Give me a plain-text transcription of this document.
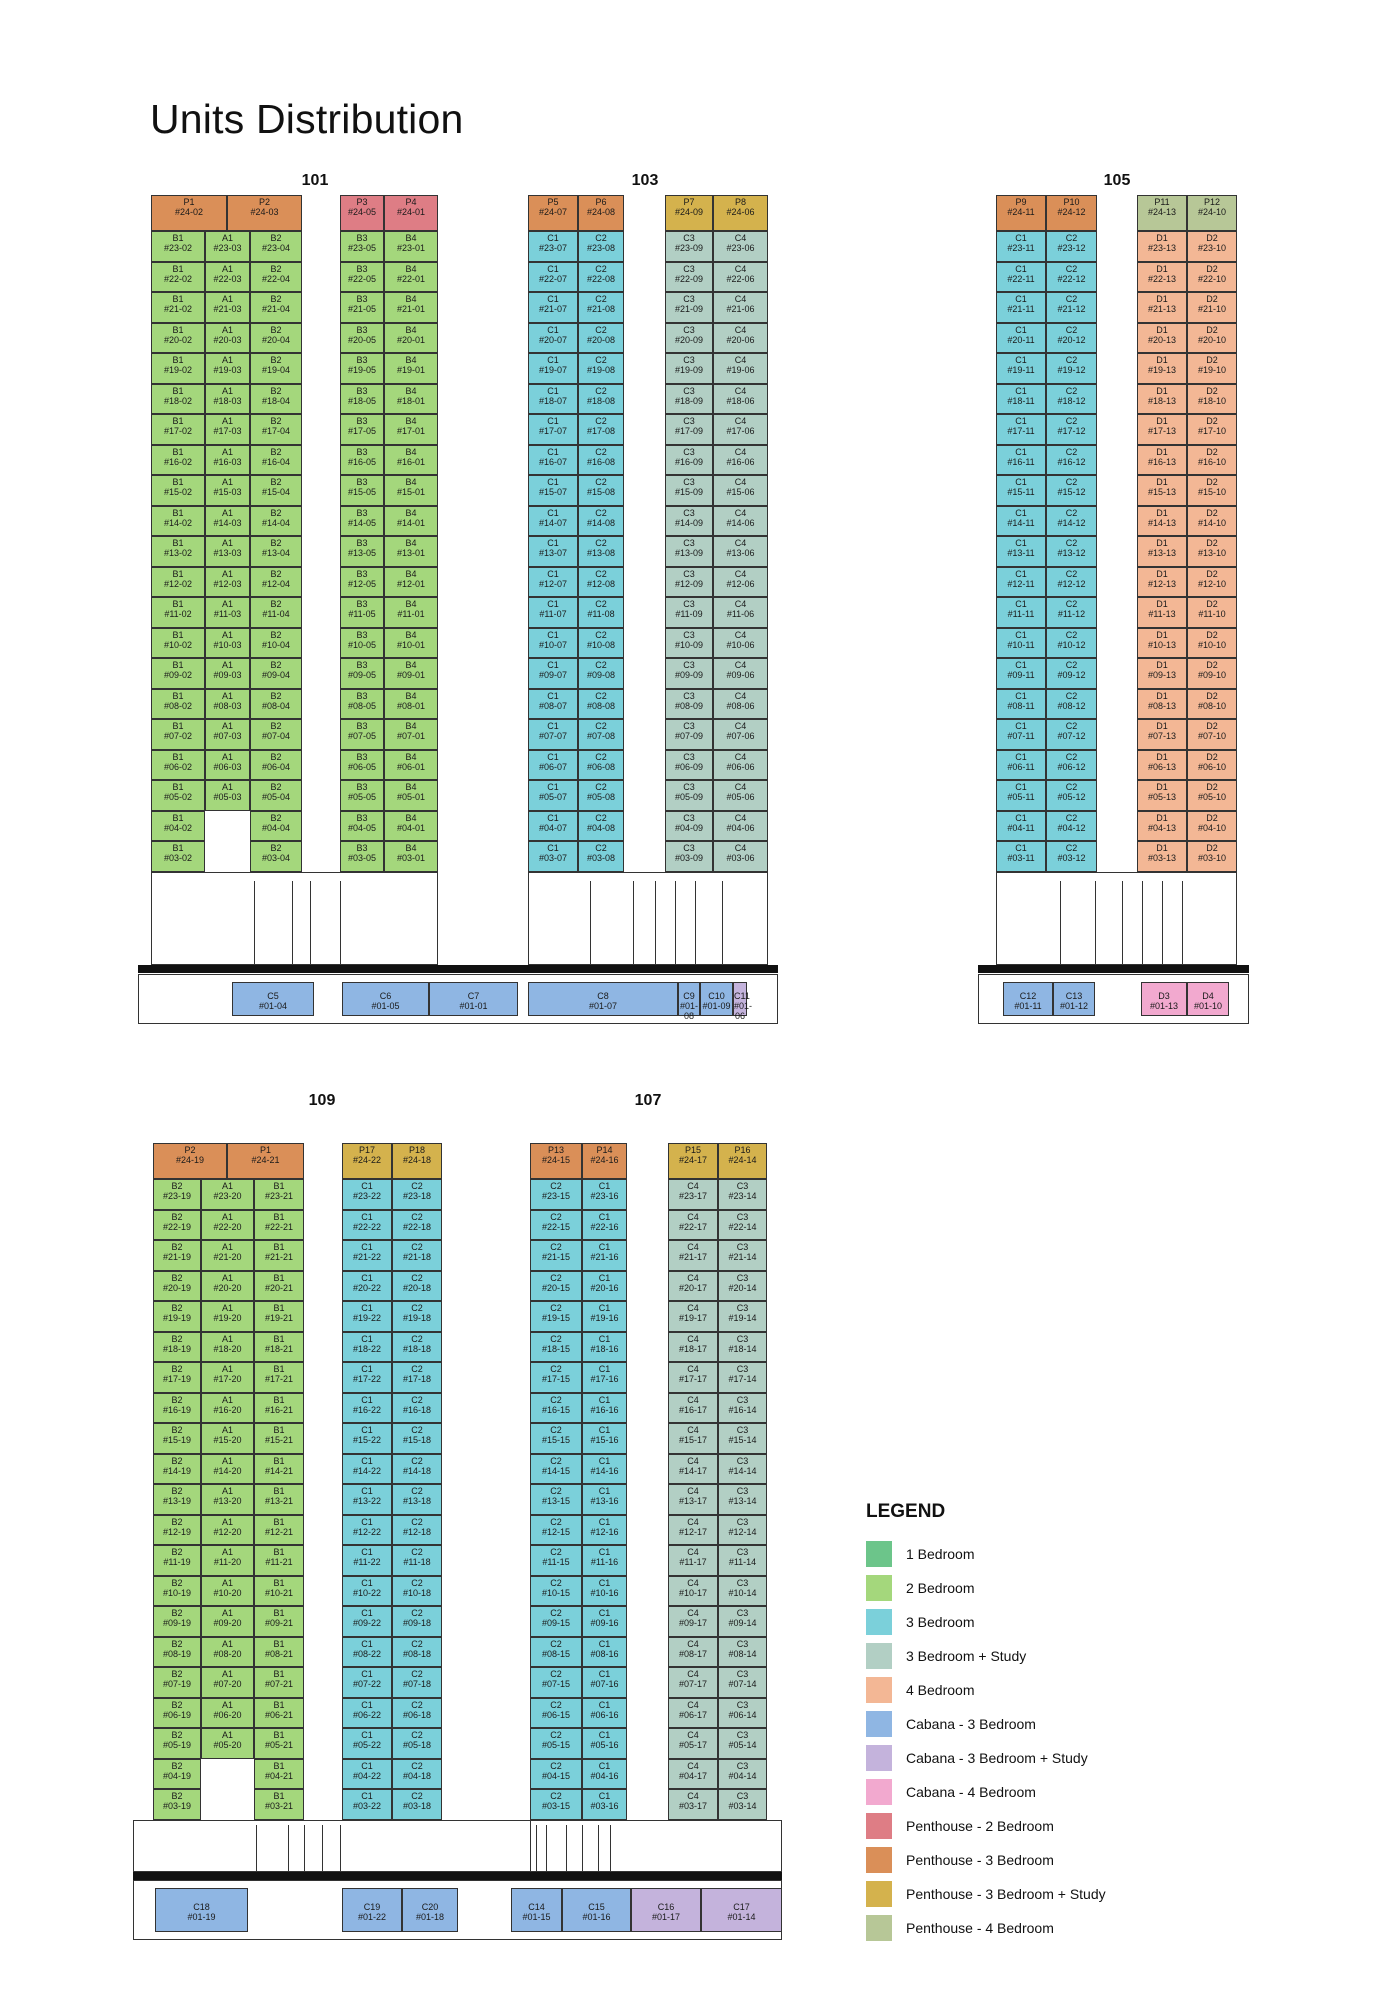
Units Distribution
101
P1
#24-02
P2
#24-03
P3
#24-05
P4
#24-01
B1
#23-02
B1
#22-02
B1
#21-02
B1
#20-02
B1
#19-02
B1
#18-02
B1
#17-02
B1
#16-02
B1
#15-02
B1
#14-02
B1
#13-02
B1
#12-02
B1
#11-02
B1
#10-02
B1
#09-02
B1
#08-02
B1
#07-02
B1
#06-02
B1
#05-02
B1
#04-02
B1
#03-02
A1
#23-03
A1
#22-03
A1
#21-03
A1
#20-03
A1
#19-03
A1
#18-03
A1
#17-03
A1
#16-03
A1
#15-03
A1
#14-03
A1
#13-03
A1
#12-03
A1
#11-03
A1
#10-03
A1
#09-03
A1
#08-03
A1
#07-03
A1
#06-03
A1
#05-03
B2
#23-04
B2
#22-04
B2
#21-04
B2
#20-04
B2
#19-04
B2
#18-04
B2
#17-04
B2
#16-04
B2
#15-04
B2
#14-04
B2
#13-04
B2
#12-04
B2
#11-04
B2
#10-04
B2
#09-04
B2
#08-04
B2
#07-04
B2
#06-04
B2
#05-04
B2
#04-04
B2
#03-04
B3
#23-05
B3
#22-05
B3
#21-05
B3
#20-05
B3
#19-05
B3
#18-05
B3
#17-05
B3
#16-05
B3
#15-05
B3
#14-05
B3
#13-05
B3
#12-05
B3
#11-05
B3
#10-05
B3
#09-05
B3
#08-05
B3
#07-05
B3
#06-05
B3
#05-05
B3
#04-05
B3
#03-05
B4
#23-01
B4
#22-01
B4
#21-01
B4
#20-01
B4
#19-01
B4
#18-01
B4
#17-01
B4
#16-01
B4
#15-01
B4
#14-01
B4
#13-01
B4
#12-01
B4
#11-01
B4
#10-01
B4
#09-01
B4
#08-01
B4
#07-01
B4
#06-01
B4
#05-01
B4
#04-01
B4
#03-01
C5
#01-04
C6
#01-05
C7
#01-01
103
P5
#24-07
P6
#24-08
P7
#24-09
P8
#24-06
C1
#23-07
C1
#22-07
C1
#21-07
C1
#20-07
C1
#19-07
C1
#18-07
C1
#17-07
C1
#16-07
C1
#15-07
C1
#14-07
C1
#13-07
C1
#12-07
C1
#11-07
C1
#10-07
C1
#09-07
C1
#08-07
C1
#07-07
C1
#06-07
C1
#05-07
C1
#04-07
C1
#03-07
C2
#23-08
C2
#22-08
C2
#21-08
C2
#20-08
C2
#19-08
C2
#18-08
C2
#17-08
C2
#16-08
C2
#15-08
C2
#14-08
C2
#13-08
C2
#12-08
C2
#11-08
C2
#10-08
C2
#09-08
C2
#08-08
C2
#07-08
C2
#06-08
C2
#05-08
C2
#04-08
C2
#03-08
C3
#23-09
C3
#22-09
C3
#21-09
C3
#20-09
C3
#19-09
C3
#18-09
C3
#17-09
C3
#16-09
C3
#15-09
C3
#14-09
C3
#13-09
C3
#12-09
C3
#11-09
C3
#10-09
C3
#09-09
C3
#08-09
C3
#07-09
C3
#06-09
C3
#05-09
C3
#04-09
C3
#03-09
C4
#23-06
C4
#22-06
C4
#21-06
C4
#20-06
C4
#19-06
C4
#18-06
C4
#17-06
C4
#16-06
C4
#15-06
C4
#14-06
C4
#13-06
C4
#12-06
C4
#11-06
C4
#10-06
C4
#09-06
C4
#08-06
C4
#07-06
C4
#06-06
C4
#05-06
C4
#04-06
C4
#03-06
C8
#01-07
C9
#01-08
C10
#01-09
C11
#01-06
105
P9
#24-11
P10
#24-12
P11
#24-13
P12
#24-10
C1
#23-11
C1
#22-11
C1
#21-11
C1
#20-11
C1
#19-11
C1
#18-11
C1
#17-11
C1
#16-11
C1
#15-11
C1
#14-11
C1
#13-11
C1
#12-11
C1
#11-11
C1
#10-11
C1
#09-11
C1
#08-11
C1
#07-11
C1
#06-11
C1
#05-11
C1
#04-11
C1
#03-11
C2
#23-12
C2
#22-12
C2
#21-12
C2
#20-12
C2
#19-12
C2
#18-12
C2
#17-12
C2
#16-12
C2
#15-12
C2
#14-12
C2
#13-12
C2
#12-12
C2
#11-12
C2
#10-12
C2
#09-12
C2
#08-12
C2
#07-12
C2
#06-12
C2
#05-12
C2
#04-12
C2
#03-12
D1
#23-13
D1
#22-13
D1
#21-13
D1
#20-13
D1
#19-13
D1
#18-13
D1
#17-13
D1
#16-13
D1
#15-13
D1
#14-13
D1
#13-13
D1
#12-13
D1
#11-13
D1
#10-13
D1
#09-13
D1
#08-13
D1
#07-13
D1
#06-13
D1
#05-13
D1
#04-13
D1
#03-13
D2
#23-10
D2
#22-10
D2
#21-10
D2
#20-10
D2
#19-10
D2
#18-10
D2
#17-10
D2
#16-10
D2
#15-10
D2
#14-10
D2
#13-10
D2
#12-10
D2
#11-10
D2
#10-10
D2
#09-10
D2
#08-10
D2
#07-10
D2
#06-10
D2
#05-10
D2
#04-10
D2
#03-10
C12
#01-11
C13
#01-12
D3
#01-13
D4
#01-10
109
P2
#24-19
P1
#24-21
P17
#24-22
P18
#24-18
B2
#23-19
B2
#22-19
B2
#21-19
B2
#20-19
B2
#19-19
B2
#18-19
B2
#17-19
B2
#16-19
B2
#15-19
B2
#14-19
B2
#13-19
B2
#12-19
B2
#11-19
B2
#10-19
B2
#09-19
B2
#08-19
B2
#07-19
B2
#06-19
B2
#05-19
B2
#04-19
B2
#03-19
A1
#23-20
A1
#22-20
A1
#21-20
A1
#20-20
A1
#19-20
A1
#18-20
A1
#17-20
A1
#16-20
A1
#15-20
A1
#14-20
A1
#13-20
A1
#12-20
A1
#11-20
A1
#10-20
A1
#09-20
A1
#08-20
A1
#07-20
A1
#06-20
A1
#05-20
B1
#23-21
B1
#22-21
B1
#21-21
B1
#20-21
B1
#19-21
B1
#18-21
B1
#17-21
B1
#16-21
B1
#15-21
B1
#14-21
B1
#13-21
B1
#12-21
B1
#11-21
B1
#10-21
B1
#09-21
B1
#08-21
B1
#07-21
B1
#06-21
B1
#05-21
B1
#04-21
B1
#03-21
C1
#23-22
C1
#22-22
C1
#21-22
C1
#20-22
C1
#19-22
C1
#18-22
C1
#17-22
C1
#16-22
C1
#15-22
C1
#14-22
C1
#13-22
C1
#12-22
C1
#11-22
C1
#10-22
C1
#09-22
C1
#08-22
C1
#07-22
C1
#06-22
C1
#05-22
C1
#04-22
C1
#03-22
C2
#23-18
C2
#22-18
C2
#21-18
C2
#20-18
C2
#19-18
C2
#18-18
C2
#17-18
C2
#16-18
C2
#15-18
C2
#14-18
C2
#13-18
C2
#12-18
C2
#11-18
C2
#10-18
C2
#09-18
C2
#08-18
C2
#07-18
C2
#06-18
C2
#05-18
C2
#04-18
C2
#03-18
C18
#01-19
C19
#01-22
C20
#01-18
107
P13
#24-15
P14
#24-16
P15
#24-17
P16
#24-14
C2
#23-15
C2
#22-15
C2
#21-15
C2
#20-15
C2
#19-15
C2
#18-15
C2
#17-15
C2
#16-15
C2
#15-15
C2
#14-15
C2
#13-15
C2
#12-15
C2
#11-15
C2
#10-15
C2
#09-15
C2
#08-15
C2
#07-15
C2
#06-15
C2
#05-15
C2
#04-15
C2
#03-15
C1
#23-16
C1
#22-16
C1
#21-16
C1
#20-16
C1
#19-16
C1
#18-16
C1
#17-16
C1
#16-16
C1
#15-16
C1
#14-16
C1
#13-16
C1
#12-16
C1
#11-16
C1
#10-16
C1
#09-16
C1
#08-16
C1
#07-16
C1
#06-16
C1
#05-16
C1
#04-16
C1
#03-16
C4
#23-17
C4
#22-17
C4
#21-17
C4
#20-17
C4
#19-17
C4
#18-17
C4
#17-17
C4
#16-17
C4
#15-17
C4
#14-17
C4
#13-17
C4
#12-17
C4
#11-17
C4
#10-17
C4
#09-17
C4
#08-17
C4
#07-17
C4
#06-17
C4
#05-17
C4
#04-17
C4
#03-17
C3
#23-14
C3
#22-14
C3
#21-14
C3
#20-14
C3
#19-14
C3
#18-14
C3
#17-14
C3
#16-14
C3
#15-14
C3
#14-14
C3
#13-14
C3
#12-14
C3
#11-14
C3
#10-14
C3
#09-14
C3
#08-14
C3
#07-14
C3
#06-14
C3
#05-14
C3
#04-14
C3
#03-14
C14
#01-15
C15
#01-16
C16
#01-17
C17
#01-14
LEGEND
1 Bedroom
2 Bedroom
3 Bedroom
3 Bedroom + Study
4 Bedroom
Cabana - 3 Bedroom
Cabana - 3 Bedroom + Study
Cabana - 4 Bedroom
Penthouse - 2 Bedroom
Penthouse - 3 Bedroom
Penthouse - 3 Bedroom + Study
Penthouse - 4 Bedroom
